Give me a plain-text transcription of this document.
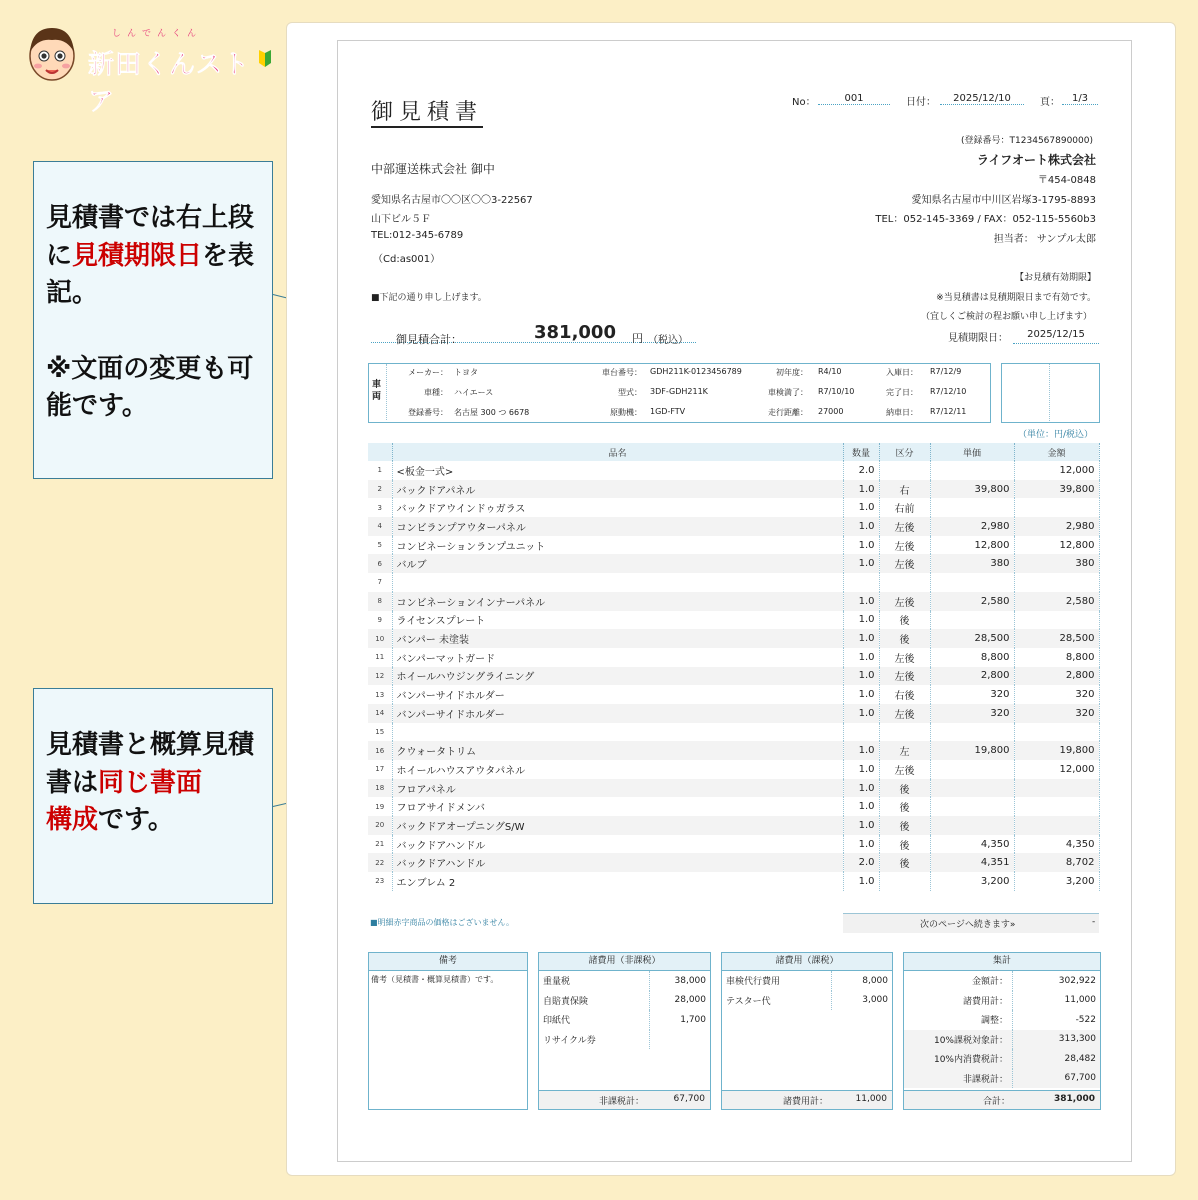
しんでんくん
新田くんストア
見積書では右上段に見積期限日を表記。

※文面の変更も可能です。
見積書と概算見積書は同じ書面
構成です。
御見積書	No：	001	日付：	2025/12/10	頁：	1/3
(登録番号：T1234567890000)
中部運送株式会社 御中
ライフオート株式会社
〒454-0848
愛知県名古屋市〇〇区〇〇3-22567	愛知県名古屋市中川区岩塚3-1795-8893
山下ビル５Ｆ	TEL：052-145-3369 / FAX：052-115-5560b3
TEL:012-345-6789	担当者： サンプル太郎
（Cd:as001）
【お見積有効期限】
■下記の通り申し上げます。	※当見積書は見積期限日まで有効です。
（宜しくご検討の程お願い申し上げます）
御見積合計：	381,000 円 （税込）	見積期限日：	2025/12/15
車両
メーカー： トヨタ	車台番号： GDH211K-0123456789	初年度： R4/10	入庫日： R7/12/9
車種： ハイエース	型式： 3DF-GDH211K	車検満了： R7/10/10	完了日： R7/12/10
登録番号： 名古屋 300 つ 6678	原動機： 1GD-FTV	走行距離： 27000	納車日： R7/12/11
（単位：円/税込）
	品名	数量	区分	単価	金額
1	<板金一式>	2.0			12,000
2	バックドアパネル	1.0	右	39,800	39,800
3	バックドアウインドゥガラス	1.0	右前		
4	コンビランプアウターパネル	1.0	左後	2,980	2,980
5	コンビネーションランプユニット	1.0	左後	12,800	12,800
6	バルブ	1.0	左後	380	380
7					
8	コンビネーションインナーパネル	1.0	左後	2,580	2,580
9	ライセンスプレート	1.0	後		
10	バンパー 未塗装	1.0	後	28,500	28,500
11	バンパーマットガード	1.0	左後	8,800	8,800
12	ホイールハウジングライニング	1.0	左後	2,800	2,800
13	バンパーサイドホルダー	1.0	右後	320	320
14	バンパーサイドホルダー	1.0	左後	320	320
15					
16	クウォータトリム	1.0	左	19,800	19,800
17	ホイールハウスアウタパネル	1.0	左後		12,000
18	フロアパネル	1.0	後		
19	フロアサイドメンバ	1.0	後		
20	バックドアオープニングS/W	1.0	後		
21	バックドアハンドル	1.0	後	4,350	4,350
22	バックドアハンドル	2.0	後	4,351	8,702
23	エンブレム 2	1.0		3,200	3,200
■明細赤字商品の価格はございません。	次のページへ続きます»	-
備考
備考（見積書・概算見積書）です。
諸費用（非課税）
重量税	38,000
自賠責保険	28,000
印紙代	1,700
リサイクル券	
非課税計：	67,700
諸費用（課税）
車検代行費用	8,000
テスター代	3,000
諸費用計：	11,000
集計
金額計：	302,922
諸費用計：	11,000
調整：	-522
10%課税対象計：	313,300
10%内消費税計：	28,482
非課税計：	67,700
合計：	381,000
